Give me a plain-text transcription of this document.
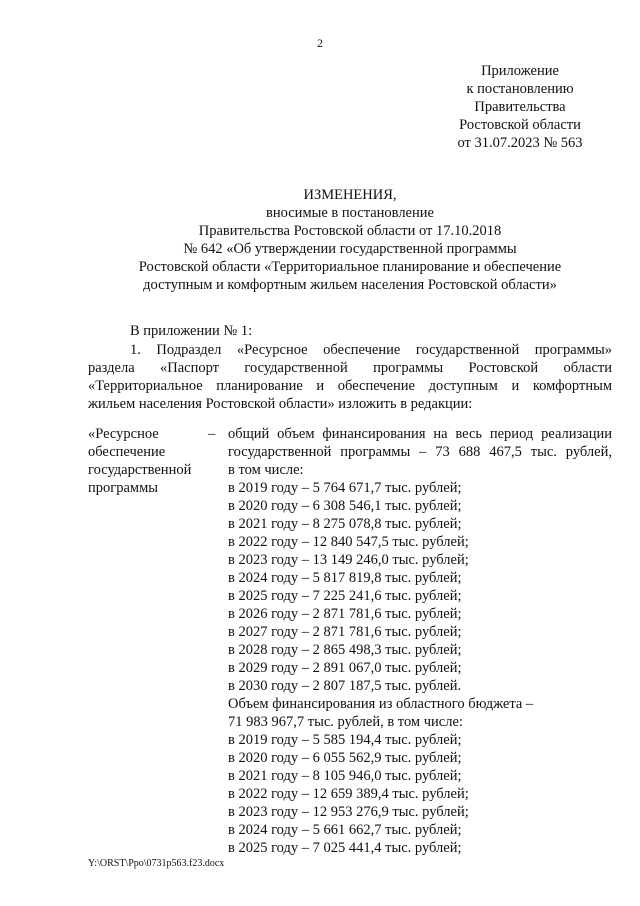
2
Приложение
к постановлению
Правительства
Ростовской области
от 31.07.2023 № 563
ИЗМЕНЕНИЯ,
вносимые в постановление
Правительства Ростовской области от 17.10.2018
№ 642 «Об утверждении государственной программы
Ростовской области «Территориальное планирование и обеспечение
доступным и комфортным жильем населения Ростовской области»
В приложении № 1:
1. Подраздел «Ресурсное обеспечение государственной программы»
раздела «Паспорт государственной программы Ростовской области
«Территориальное планирование и обеспечение доступным и комфортным
жильем населения Ростовской области» изложить в редакции:
«Ресурсное
обеспечение
государственной
программы
– общий объем финансирования на весь период реализации
государственной программы – 73 688 467,5 тыс. рублей,
в том числе:
в 2019 году – 5 764 671,7 тыс. рублей;
в 2020 году – 6 308 546,1 тыс. рублей;
в 2021 году – 8 275 078,8 тыс. рублей;
в 2022 году – 12 840 547,5 тыс. рублей;
в 2023 году – 13 149 246,0 тыс. рублей;
в 2024 году – 5 817 819,8 тыс. рублей;
в 2025 году – 7 225 241,6 тыс. рублей;
в 2026 году – 2 871 781,6 тыс. рублей;
в 2027 году – 2 871 781,6 тыс. рублей;
в 2028 году – 2 865 498,3 тыс. рублей;
в 2029 году – 2 891 067,0 тыс. рублей;
в 2030 году – 2 807 187,5 тыс. рублей.
Объем финансирования из областного бюджета –
71 983 967,7 тыс. рублей, в том числе:
в 2019 году – 5 585 194,4 тыс. рублей;
в 2020 году – 6 055 562,9 тыс. рублей;
в 2021 году – 8 105 946,0 тыс. рублей;
в 2022 году – 12 659 389,4 тыс. рублей;
в 2023 году – 12 953 276,9 тыс. рублей;
в 2024 году – 5 661 662,7 тыс. рублей;
в 2025 году – 7 025 441,4 тыс. рублей;
Y:\ORST\Ppo\0731p563.f23.docx
